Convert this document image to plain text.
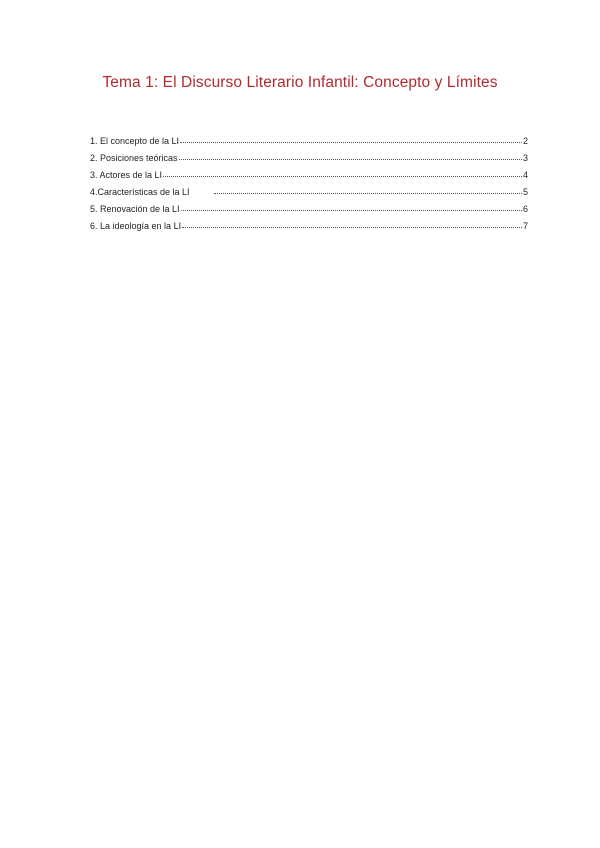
Tema 1: El Discurso Literario Infantil: Concepto y Límites
1. El concepto de la LI	2
2. Posiciones teóricas	3
3. Actores de la LI	4
4.Características de la LI	5
5. Renovación de la LI	6
6. La ideología en la LI	7
